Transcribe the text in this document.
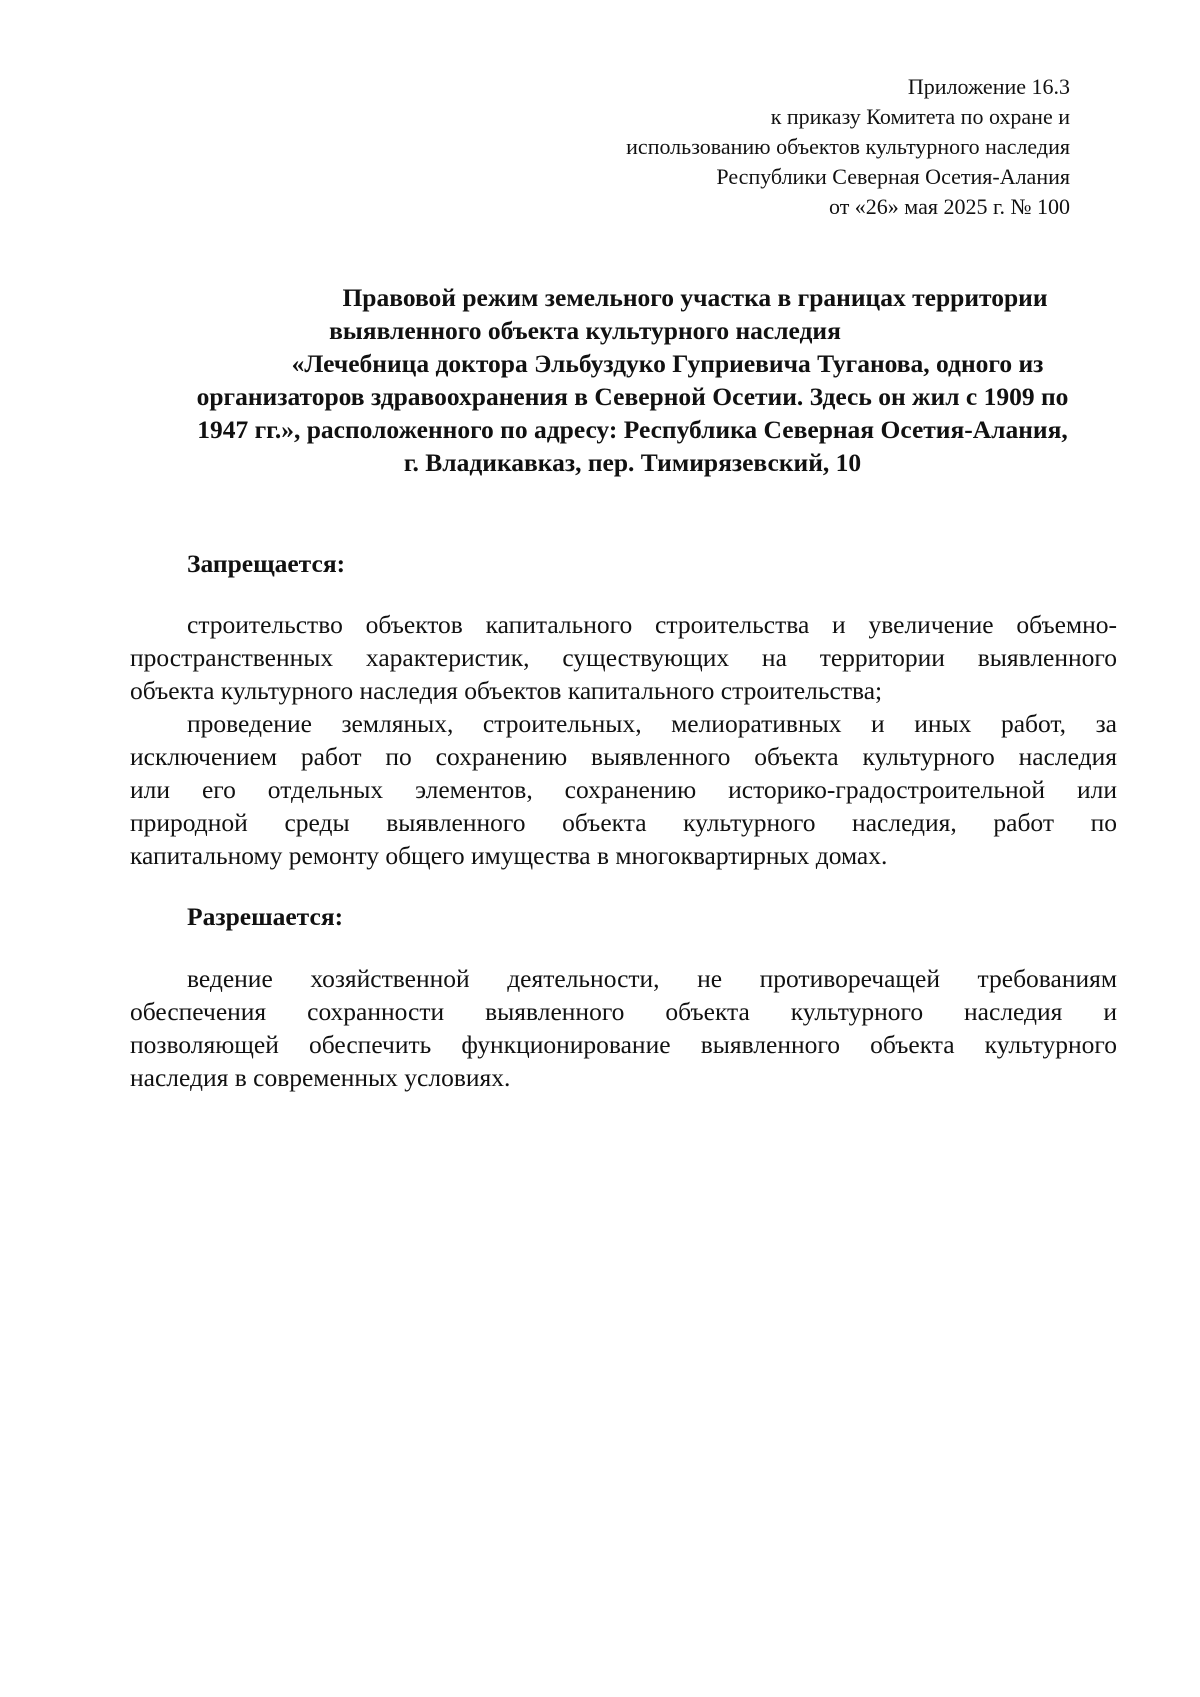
Приложение 16.3
к приказу Комитета по охране и
использованию объектов культурного наследия
Республики Северная Осетия-Алания
от «26» мая 2025 г. № 100
Правовой режим земельного участка в границах территории
выявленного объекта культурного наследия
«Лечебница доктора Эльбуздуко Гуприевича Туганова, одного из
организаторов здравоохранения в Северной Осетии. Здесь он жил с 1909 по
1947 гг.», расположенного по адресу: Республика Северная Осетия-Алания,
г. Владикавказ, пер. Тимирязевский, 10
Запрещается:
строительство объектов капитального строительства и увеличение объемно-
пространственных характеристик, существующих на территории выявленного
объекта культурного наследия объектов капитального строительства;
проведение земляных, строительных, мелиоративных и иных работ, за
исключением работ по сохранению выявленного объекта культурного наследия
или его отдельных элементов, сохранению историко-градостроительной или
природной среды выявленного объекта культурного наследия, работ по
капитальному ремонту общего имущества в многоквартирных домах.
Разрешается:
ведение хозяйственной деятельности, не противоречащей требованиям
обеспечения сохранности выявленного объекта культурного наследия и
позволяющей обеспечить функционирование выявленного объекта культурного
наследия в современных условиях.
